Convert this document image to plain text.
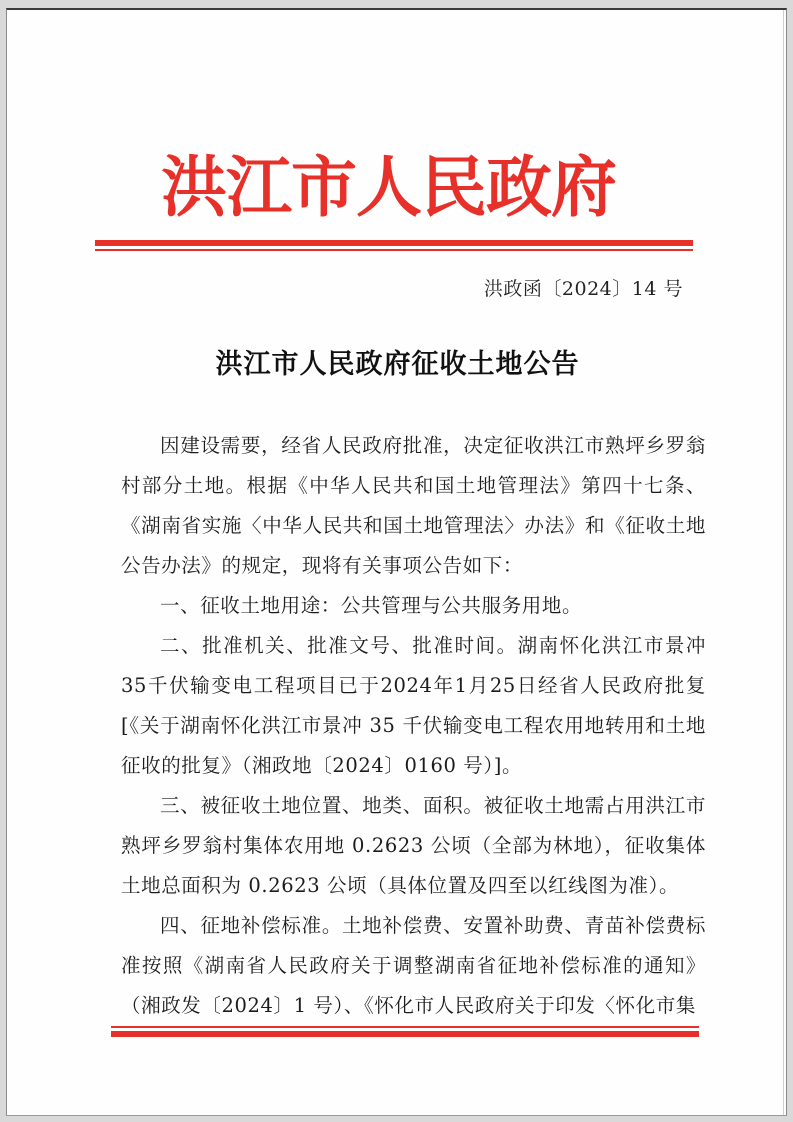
洪江市人民政府
洪政函〔2024〕14 号
洪江市人民政府征收土地公告

因建设需要，经省人民政府批准，决定征收洪江市熟坪乡罗翁村部分土地。根据《中华人民共和国土地管理法》第四十七条、《湖南省实施〈中华人民共和国土地管理法〉办法》和《征收土地公告办法》的规定，现将有关事项公告如下：

一、征收土地用途：公共管理与公共服务用地。

二、批准机关、批准文号、批准时间。湖南怀化洪江市景冲35千伏输变电工程项目已于2024年1月25日经省人民政府批复[《关于湖南怀化洪江市景冲 35 千伏输变电工程农用地转用和土地征收的批复》（湘政地〔2024〕0160 号）]。

三、被征收土地位置、地类、面积。被征收土地需占用洪江市熟坪乡罗翁村集体农用地 0.2623 公顷（全部为林地），征收集体土地总面积为 0.2623 公顷（具体位置及四至以红线图为准）。

四、征地补偿标准。土地补偿费、安置补助费、青苗补偿费标准按照《湖南省人民政府关于调整湖南省征地补偿标准的通知》（湘政发〔2024〕1 号）、《怀化市人民政府关于印发〈怀化市集
